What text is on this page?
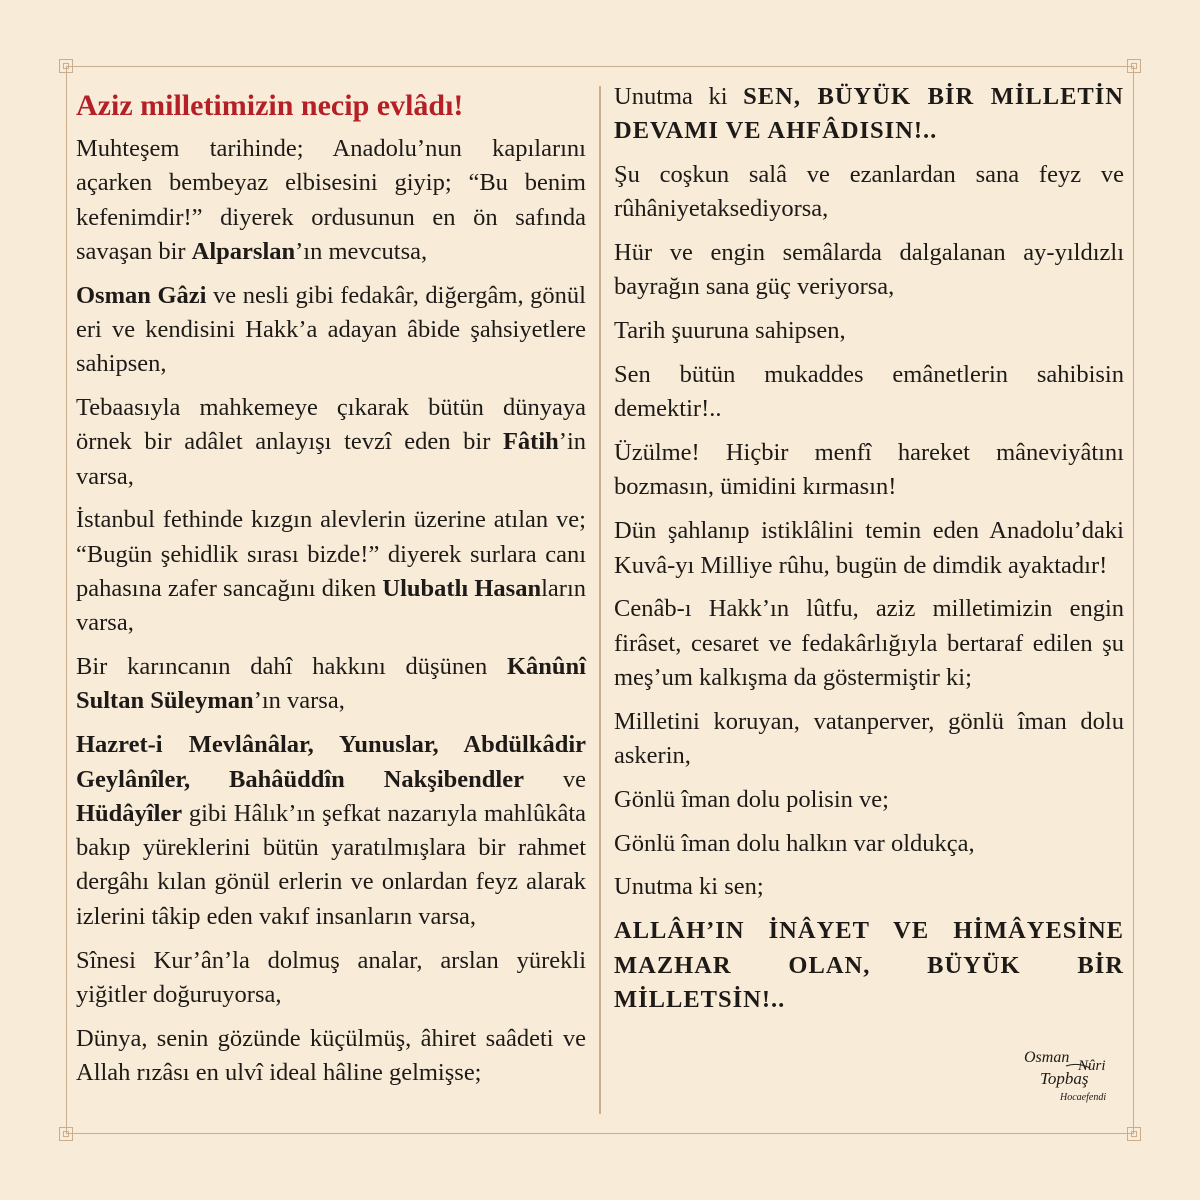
Aziz milletimizin necip evlâdı!

Muhteşem tarihinde; Anadolu’nun kapılarını açarken bembeyaz elbisesini giyip; “Bu benim kefenimdir!” diyerek ordusunun en ön safında savaşan bir Alparslan’ın mevcutsa,

Osman Gâzi ve nesli gibi fedakâr, diğergâm, gönül eri ve kendisini Hakk’a adayan âbide şahsiyetlere sahipsen,

Tebaasıyla mahkemeye çıkarak bütün dünyaya örnek bir adâlet anlayışı tevzî eden bir Fâtih’in varsa,

İstanbul fethinde kızgın alevlerin üzerine atılan ve; “Bugün şehidlik sırası bizde!” diyerek surlara canı pahasına zafer sancağını diken Ulubatlı Hasanların varsa,

Bir karıncanın dahî hakkını düşünen Kânûnî Sultan Süleyman’ın varsa,

Hazret-i Mevlânâlar, Yunuslar, Abdülkâdir Geylânîler, Bahâüddîn Nakşibendler ve Hüdâyîler gibi Hâlık’ın şefkat nazarıyla mahlûkâta bakıp yüreklerini bütün yaratılmışlara bir rahmet dergâhı kılan gönül erlerin ve onlardan feyz alarak izlerini tâkip eden vakıf insanların varsa,

Sînesi Kur’ân’la dolmuş analar, arslan yürekli yiğitler doğuruyorsa,

Dünya, senin gözünde küçülmüş, âhiret saâdeti ve Allah rızâsı en ulvî ideal hâline gelmişse;

Unutma ki SEN, BÜYÜK BİR MİLLETİN DEVAMI VE AHFÂDISIN!..

Şu coşkun salâ ve ezanlardan sana feyz ve rûhâniyetaksediyorsa,

Hür ve engin semâlarda dalgalanan ay-yıldızlı bayrağın sana güç veriyorsa,

Tarih şuuruna sahipsen,

Sen bütün mukaddes emânetlerin sahibisin demektir!..

Üzülme! Hiçbir menfî hareket mâneviyâtını bozmasın, ümidini kırmasın!

Dün şahlanıp istiklâlini temin eden Anadolu’daki Kuvâ-yı Milliye rûhu, bugün de dimdik ayaktadır!

Cenâb-ı Hakk’ın lûtfu, aziz milletimizin engin firâset, cesaret ve fedakârlığıyla bertaraf edilen şu meş’um kalkışma da göstermiştir ki;

Milletini koruyan, vatanperver, gönlü îman dolu askerin,

Gönlü îman dolu polisin ve;

Gönlü îman dolu halkın var oldukça,

Unutma ki sen;

ALLÂH’IN İNÂYET VE HİMÂYESİNE MAZHAR OLAN, BÜYÜK BİR MİLLETSİN!..

Osman Nûri
Topbaş
Hocaefendi
